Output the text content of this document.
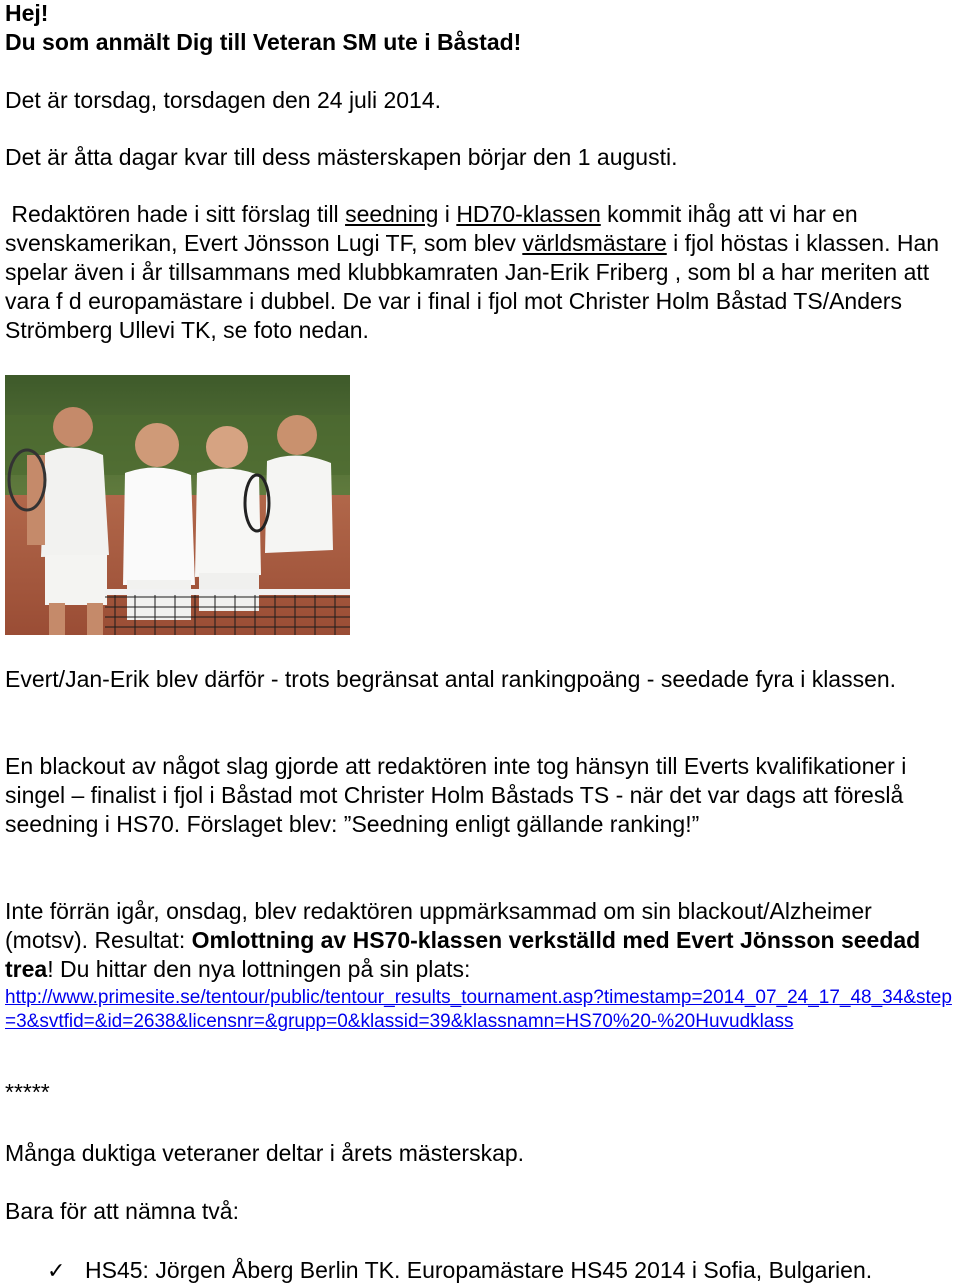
Hej!
Du som anmält Dig till Veteran SM ute i Båstad!

Det är torsdag, torsdagen den 24 juli 2014.

Det är åtta dagar kvar till dess mästerskapen börjar den 1 augusti.

Redaktören hade i sitt förslag till seedning i HD70-klassen kommit ihåg att vi har en svenskamerikan, Evert Jönsson Lugi TF, som blev världsmästare i fjol höstas i klassen. Han spelar även i år tillsammans med klubbkamraten Jan-Erik Friberg , som bl a har meriten att vara f d europamästare i dubbel. De var i final i fjol mot Christer Holm Båstad TS/Anders Strömberg Ullevi TK, se foto nedan.

Evert/Jan-Erik blev därför - trots begränsat antal rankingpoäng - seedade fyra i klassen.

En blackout av något slag gjorde att redaktören inte tog hänsyn till Everts kvalifikationer i singel – finalist i fjol i Båstad mot Christer Holm Båstads TS - när det var dags att föreslå seedning i HS70. Förslaget blev: ”Seedning enligt gällande ranking!”

Inte förrän igår, onsdag, blev redaktören uppmärksammad om sin blackout/Alzheimer (motsv). Resultat: Omlottning av HS70-klassen verkställd med Evert Jönsson seedad trea! Du hittar den nya lottningen på sin plats:

http://www.primesite.se/tentour/public/tentour_results_tournament.asp?timestamp=2014_07_24_17_48_34&step=3&svtfid=&id=2638&licensnr=&grupp=0&klassid=39&klassnamn=HS70%20-%20Huvudklass

*****

Många duktiga veteraner deltar i årets mästerskap.

Bara för att nämna två:

✓ HS45: Jörgen Åberg Berlin TK. Europamästare HS45 2014 i Sofia, Bulgarien.
